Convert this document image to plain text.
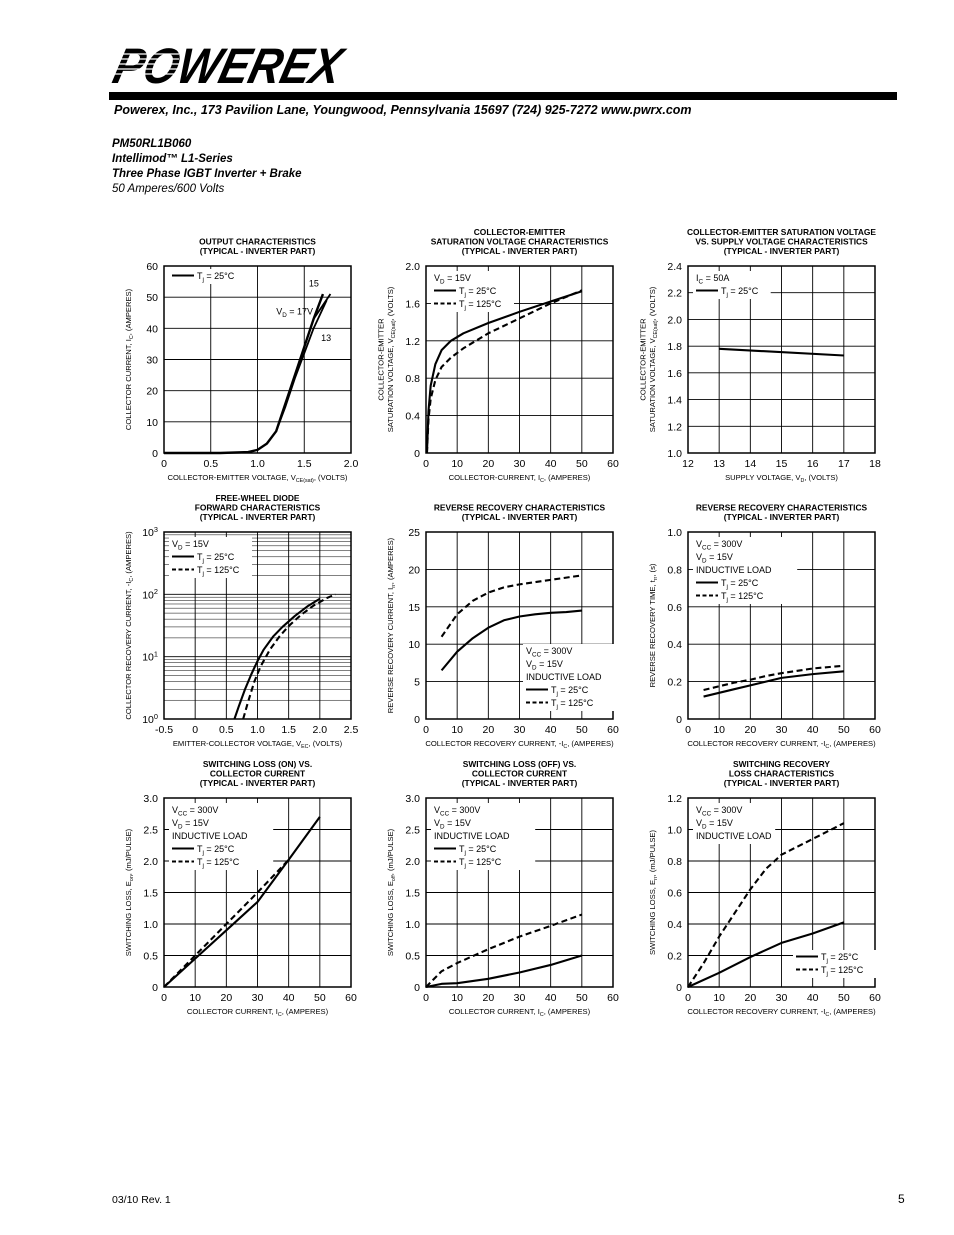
POWEREX
Powerex, Inc., 173 Pavilion Lane, Youngwood, Pennsylvania 15697 (724) 925-7272 www.pwrx.com
PM50RL1B060
Intellimod™ L1-Series
Three Phase IGBT Inverter + Brake
50 Amperes/600 Volts
OUTPUT CHARACTERISTICS
(TYPICAL - INVERTER PART)
0	0.5	1.0	1.5	2.0
0
10
20
30
40
50
60
COLLECTOR-EMITTER VOLTAGE, $V_{CE(sat)}$, (VOLTS)
COLLECTOR CURRENT, $I_C$, (AMPERES)
15
$V_D = 17V$
13
$T_j = 25^\circ C$
COLLECTOR-EMITTER
SATURATION VOLTAGE CHARACTERISTICS
(TYPICAL - INVERTER PART)
0 10 20 30 40 50 60
0
0.4
0.8
1.2
1.6
2.0
COLLECTOR-CURRENT, $I_C$, (AMPERES)
COLLECTOR-EMITTER SATURATION VOLTAGE, $V_{CE(sat)}$, (VOLTS)
$V_D = 15V$
$T_j = 25^\circ C$
$T_j = 125^\circ C$
COLLECTOR-EMITTER SATURATION VOLTAGE
VS. SUPPLY VOLTAGE CHARACTERISTICS
(TYPICAL - INVERTER PART)
12 13 14 15 16 17 18
1.0
1.2
1.4
1.6
1.8
2.0
2.2
2.4
SUPPLY VOLTAGE, $V_D$, (VOLTS)
COLLECTOR-EMITTER SATURATION VOLTAGE, $V_{CE(sat)}$, (VOLTS)
$I_C = 50A$
$T_j = 25^\circ C$
FREE-WHEEL DIODE
FORWARD CHARACTERISTICS
(TYPICAL - INVERTER PART)
-0.5 0 0.5 1.0 1.5 2.0 2.5
$10^0$
$10^1$
$10^2$
$10^3$
EMITTER-COLLECTOR VOLTAGE, $V_{EC}$, (VOLTS)
COLLECTOR RECOVERY CURRENT, $-I_C$, (AMPERES)	$V_D = 15V$
$T_j = 25^\circ C$
$T_j = 125^\circ C$
REVERSE RECOVERY CHARACTERISTICS
(TYPICAL - INVERTER PART)
0 10 20 30 40 50 60
0
5
10
15
20
25
COLLECTOR RECOVERY CURRENT, $-I_C$, (AMPERES)
REVERSE RECOVERY CURRENT, $I_{rr}$, (AMPERES)
$V_{CC} = 300V$
$V_D = 15V$
INDUCTIVE LOAD
$T_j = 25^\circ C$
$T_j = 125^\circ C$
REVERSE RECOVERY CHARACTERISTICS
(TYPICAL - INVERTER PART)
0 10 20 30 40 50 60
0
0.2
0.4
0.6
0.8
1.0
COLLECTOR RECOVERY CURRENT, $-I_C$, (AMPERES)
REVERSE RECOVERY TIME, $t_{rr}$, (s)
$V_{CC} = 300V$
$V_D = 15V$
INDUCTIVE LOAD
$T_j = 25^\circ C$
$T_j = 125^\circ C$
SWITCHING LOSS (ON) VS.
COLLECTOR CURRENT
(TYPICAL - INVERTER PART)
0 10 20 30 40 50 60
0
0.5
1.0
1.5
2.0
2.5
3.0
COLLECTOR CURRENT, $I_C$, (AMPERES)
SWITCHING LOSS, $E_{on}$, (mJ/PULSE)
$V_{CC} = 300V$
$V_D = 15V$
INDUCTIVE LOAD
$T_j = 25^\circ C$
$T_j = 125^\circ C$
SWITCHING LOSS (OFF) VS.
COLLECTOR CURRENT
(TYPICAL - INVERTER PART)
0 10 20 30 40 50 60
0
0.5
1.0
1.5
2.0
2.5
3.0
COLLECTOR CURRENT, $I_C$, (AMPERES)
SWITCHING LOSS, $E_{off}$, (mJ/PULSE)
$V_{CC} = 300V$
$V_D = 15V$
INDUCTIVE LOAD
$T_j = 25^\circ C$
$T_j = 125^\circ C$
SWITCHING RECOVERY
LOSS CHARACTERISTICS
(TYPICAL - INVERTER PART)
0 10 20 30 40 50 60
0
0.2
0.4
0.6
0.8
1.0
1.2
COLLECTOR RECOVERY CURRENT, $-I_C$, (AMPERES)
SWITCHING LOSS, $E_{rr}$, (mJ/PULSE)
$V_{CC} = 300V$
$V_D = 15V$
INDUCTIVE LOAD
$T_j = 25^\circ C$
$T_j = 125^\circ C$
03/10 Rev. 1	5
